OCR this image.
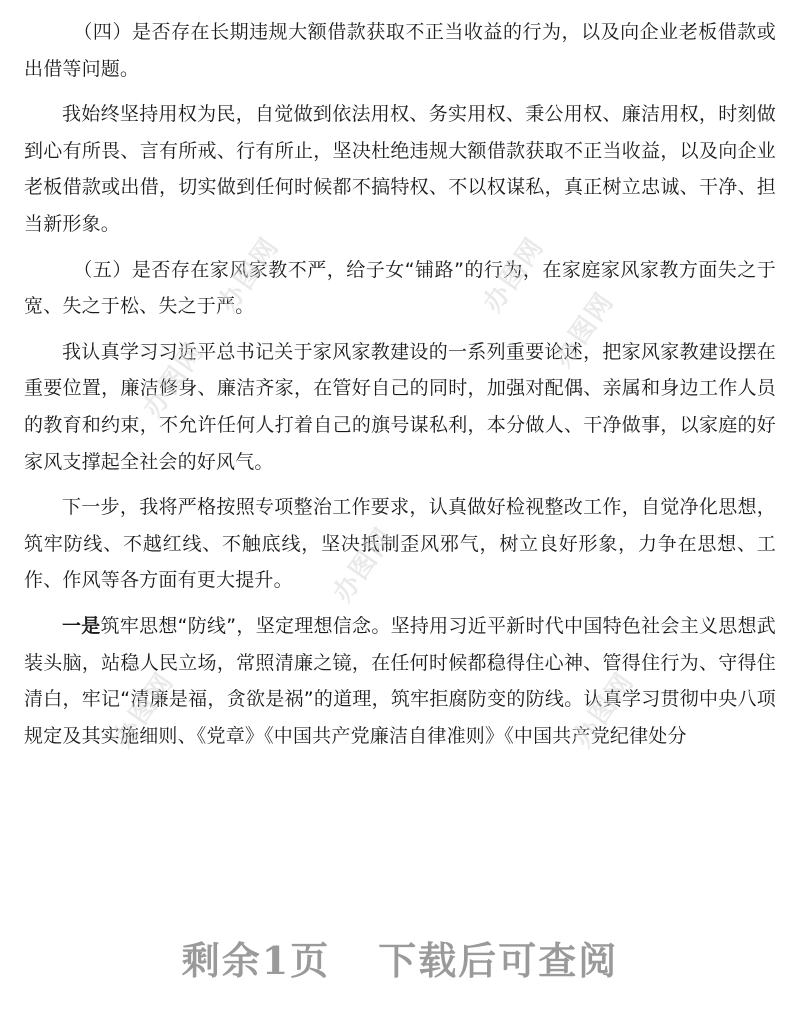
（四）是否存在长期违规大额借款获取不正当收益的行为，以及向企业老板借款或出借等问题。

我始终坚持用权为民，自觉做到依法用权、务实用权、秉公用权、廉洁用权，时刻做到心有所畏、言有所戒、行有所止，坚决杜绝违规大额借款获取不正当收益，以及向企业老板借款或出借，切实做到任何时候都不搞特权、不以权谋私，真正树立忠诚、干净、担当新形象。

（五）是否存在家风家教不严，给子女“铺路”的行为，在家庭家风家教方面失之于宽、失之于松、失之于严。

我认真学习习近平总书记关于家风家教建设的一系列重要论述，把家风家教建设摆在重要位置，廉洁修身、廉洁齐家，在管好自己的同时，加强对配偶、亲属和身边工作人员的教育和约束，不允许任何人打着自己的旗号谋私利，本分做人、干净做事，以家庭的好家风支撑起全社会的好风气。

下一步，我将严格按照专项整治工作要求，认真做好检视整改工作，自觉净化思想，筑牢防线、不越红线、不触底线，坚决抵制歪风邪气，树立良好形象，力争在思想、工作、作风等各方面有更大提升。

一是筑牢思想“防线”，坚定理想信念。坚持用习近平新时代中国特色社会主义思想武装头脑，站稳人民立场，常照清廉之镜，在任何时候都稳得住心神、管得住行为、守得住清白，牢记“清廉是福，贪欲是祸”的道理，筑牢拒腐防变的防线。认真学习贯彻中央八项规定及其实施细则、《党章》《中国共产党廉洁自律准则》《中国共产党纪律处分

办图网	办图网
办图网
办图网
办图网
办图网	办图网
剩余1页 下载后可查阅
